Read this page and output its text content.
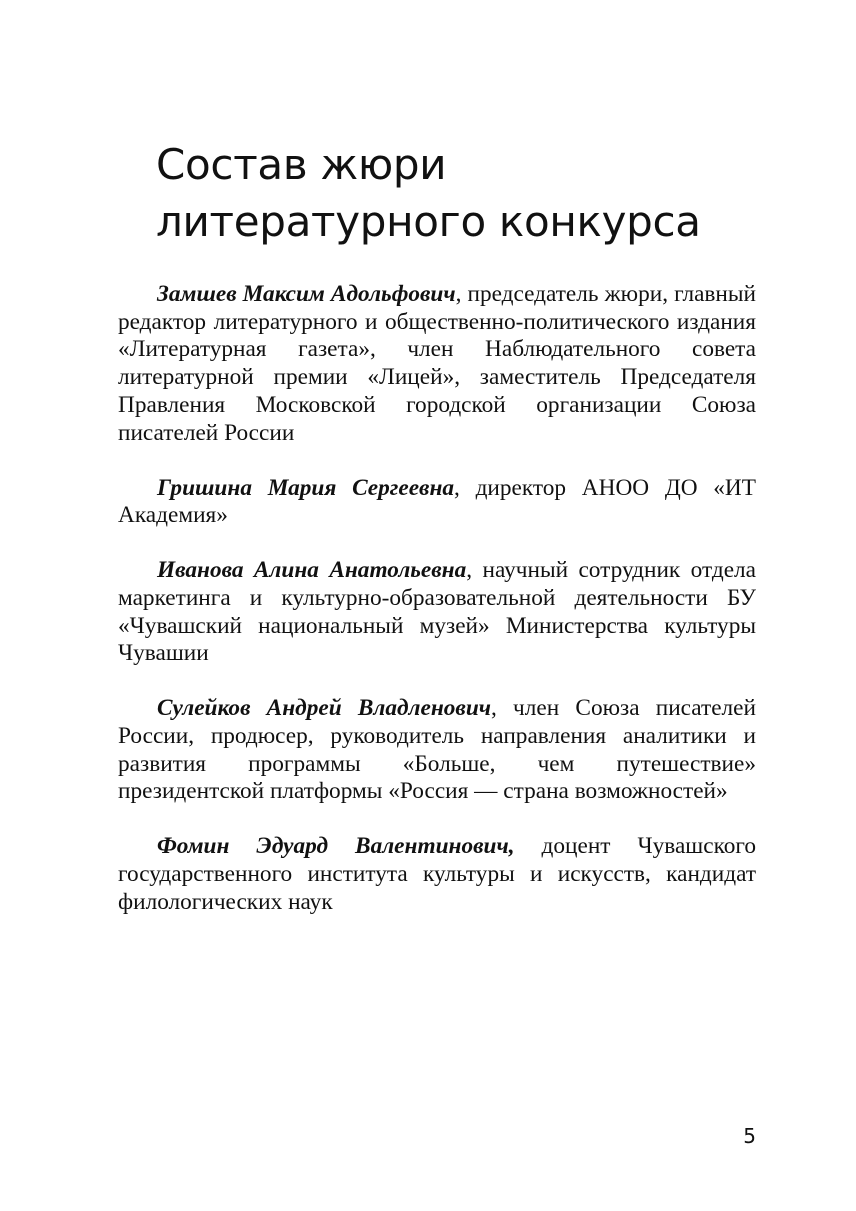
Состав жюри
литературного конкурса

Замшев Максим Адольфович, председатель жюри, главный редактор литературного и общественно-политического издания «Литературная газета», член Наблюдательного совета литературной премии «Лицей», заместитель Председателя Правления Московской городской организации Союза писателей России

Гришина Мария Сергеевна, директор АНОО ДО «ИТ Академия»

Иванова Алина Анатольевна, научный сотрудник отдела маркетинга и культурно-образовательной деятельности БУ «Чувашский национальный музей» Министерства культуры Чувашии

Сулейков Андрей Владленович, член Союза писателей России, продюсер, руководитель направления аналитики и развития программы «Больше, чем путешествие» президентской платформы «Россия — страна возможностей»

Фомин Эдуард Валентинович, доцент Чувашского государственного института культуры и искусств, кандидат филологических наук

5
